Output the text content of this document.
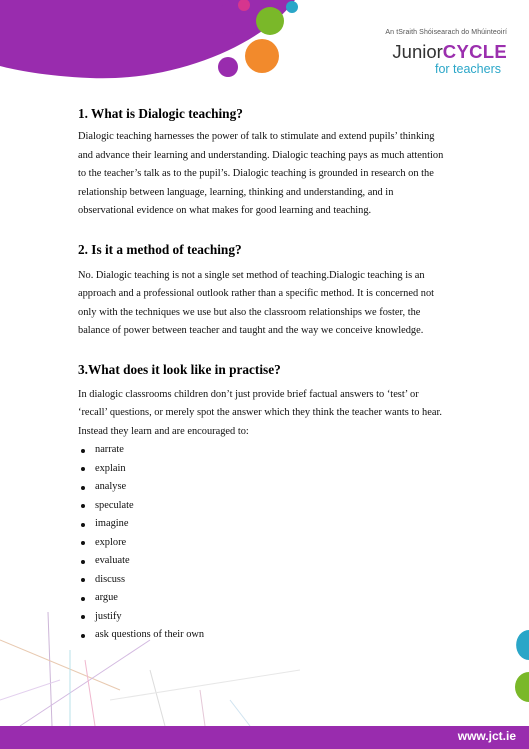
An tSraith Shóisearach do Mhúinteoirí
JuniorCYCLE
for teachers
1. What is Dialogic teaching?

Dialogic teaching harnesses the power of talk to stimulate and extend pupils’ thinking and advance their learning and understanding. Dialogic teaching pays as much attention to the teacher’s talk as to the pupil’s. Dialogic teaching is grounded in research on the relationship between language, learning, thinking and understanding, and in observational evidence on what makes for good learning and teaching.

2. Is it a method of teaching?

No. Dialogic teaching is not a single set method of teaching.Dialogic teaching is an approach and a professional outlook rather than a specific method. It is concerned not only with the techniques we use but also the classroom relationships we foster, the balance of power between teacher and taught and the way we conceive knowledge.

3.What does it look like in practise?

In dialogic classrooms children don’t just provide brief factual answers to ‘test’ or ‘recall’ questions, or merely spot the answer which they think the teacher wants to hear. Instead they learn and are encouraged to:

narrate
explain
analyse
speculate
imagine
explore
evaluate
discuss
argue
justify
ask questions of their own
www.jct.ie
